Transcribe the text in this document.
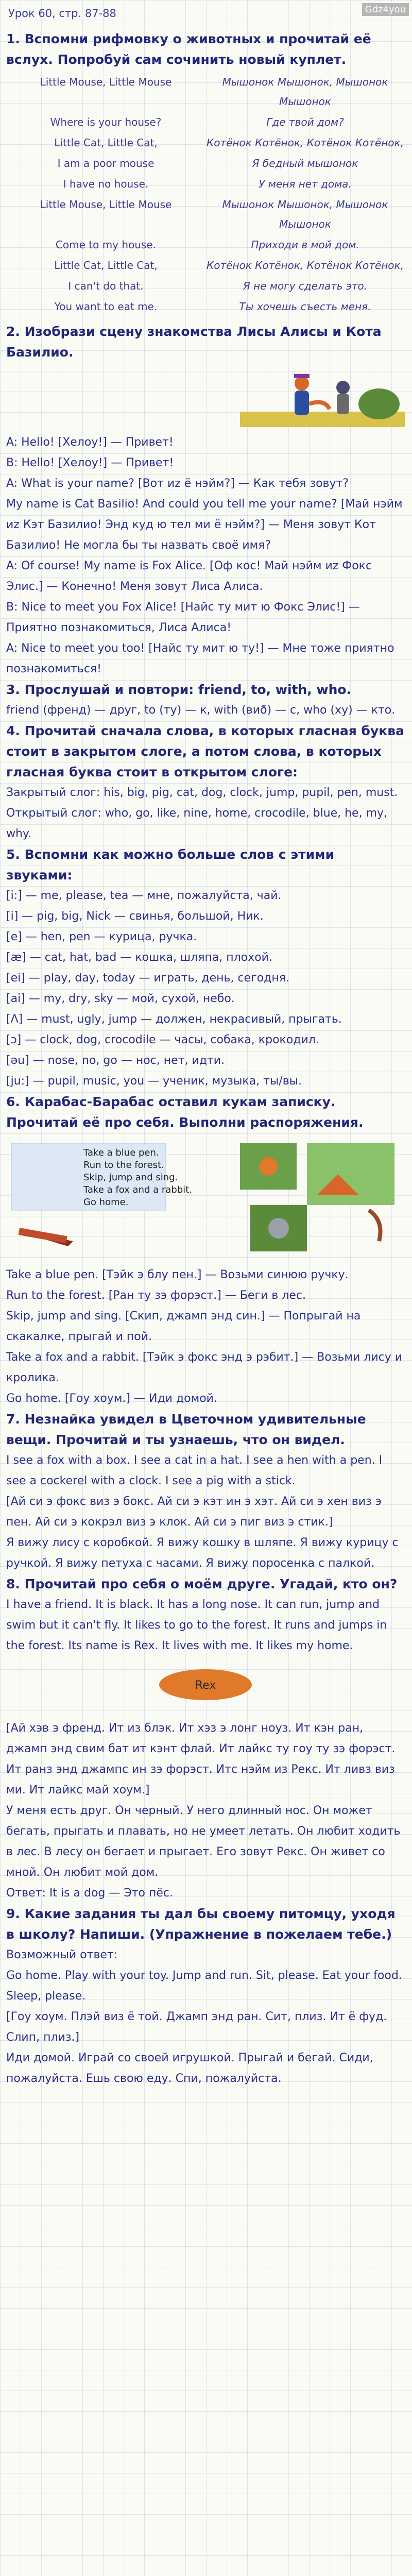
Gdz4you
Урок 60, стр. 87-88
1. Вспомни рифмовку о животных и прочитай её вслух. Попробуй сам сочинить новый куплет.
Little Mouse, Little Mouse	Мышонок Мышонок, Мышонок Мышонок
Where is your house?	Где твой дом?
Little Cat, Little Cat,	Котёнок Котёнок, Котёнок Котёнок,
I am a poor mouse	Я бедный мышонок
I have no house.	У меня нет дома.
Little Mouse, Little Mouse	Мышонок Мышонок, Мышонок Мышонок
Come to my house.	Приходи в мой дом.
Little Cat, Little Cat,	Котёнок Котёнок, Котёнок Котёнок,
I can't do that.	Я не могу сделать это.
You want to eat me.	Ты хочешь съесть меня.
2. Изобрази сцену знакомства Лисы Алисы и Кота Базилио.
A: Hello! [Хелоу!] — Привет!
B: Hello! [Хелоу!] — Привет!
A: What is your name? [Вот иz ё нэйм?] — Как тебя зовут?
My name is Cat Basilio! And could you tell me your name? [Май нэйм иz Кэт Базилио! Энд куд ю тел ми ё нэйм?] — Меня зовут Кот Базилио! Не могла бы ты назвать своё имя?
A: Of course! My name is Fox Alice. [Оф кос! Май нэйм иz Фокс Элис.] — Конечно! Меня зовут Лиса Алиса.
B: Nice to meet you Fox Alice! [Найс ту мит ю Фокс Элис!] — Приятно познакомиться, Лиса Алиса!
A: Nice to meet you too! [Найс ту мит ю ту!] — Мне тоже приятно познакомиться!
3. Прослушай и повтори: friend, to, with, who.
friend (френд) — друг, to (ту) — к, with (виð) — с, who (ху) — кто.
4. Прочитай сначала слова, в которых гласная буква стоит в закрытом слоге, а потом слова, в которых гласная буква стоит в открытом слоге:
Закрытый слог: his, big, pig, cat, dog, clock, jump, pupil, pen, must.
Открытый слог: who, go, like, nine, home, crocodile, blue, he, my, why.
5. Вспомни как можно больше слов с этими звуками:
[i:] — me, please, tea — мне, пожалуйста, чай.
[i] — pig, big, Nick — свинья, большой, Ник.
[e] — hen, pen — курица, ручка.
[æ] — cat, hat, bad — кошка, шляпа, плохой.
[ei] — play, day, today — играть, день, сегодня.
[ai] — my, dry, sky — мой, сухой, небо.
[Λ] — must, ugly, jump — должен, некрасивый, прыгать.
[ɔ] — clock, dog, crocodile — часы, собака, крокодил.
[əu] — nose, no, go — нос, нет, идти.
[ju:] — pupil, music, you — ученик, музыка, ты/вы.
6. Карабас-Барабас оставил кукам записку. Прочитай её про себя. Выполни распоряжения.
Take a blue pen.
Run to the forest.
Skip, jump and sing.
Take a fox and a rabbit.
Go home.
Take a blue pen. [Тэйк э блу пен.] — Возьми синюю ручку.
Run to the forest. [Ран ту зэ форэст.] — Беги в лес.
Skip, jump and sing. [Скип, джамп энд син.] — Попрыгай на скакалке, прыгай и пой.
Take a fox and a rabbit. [Тэйк э фокс энд э рэбит.] — Возьми лису и кролика.
Go home. [Гоу хоум.] — Иди домой.
7. Незнайка увидел в Цветочном удивительные вещи. Прочитай и ты узнаешь, что он видел.
I see a fox with a box. I see a cat in a hat. I see a hen with a pen. I see a cockerel with a clock. I see a pig with a stick.
[Ай си э фокс виз э бокс. Ай си э кэт ин э хэт. Ай си э хен виз э пен. Ай си э кокрэл виз э клок. Ай си э пиг виз э стик.]
Я вижу лису с коробкой. Я вижу кошку в шляпе. Я вижу курицу с ручкой. Я вижу петуха с часами. Я вижу поросенка с палкой.
8. Прочитай про себя о моём друге. Угадай, кто он?
I have a friend. It is black. It has a long nose. It can run, jump and swim but it can't fly. It likes to go to the forest. It runs and jumps in the forest. Its name is Rex. It lives with me. It likes my home.
Rex
[Ай хэв э френд. Ит из блэк. Ит хэз э лонг ноуз. Ит кэн ран, джамп энд свим бат ит кэнт флай. Ит лайкс ту гоу ту зэ форэст. Ит ранз энд джампс ин зэ форэст. Итс нэйм из Рекс. Ит ливз виз ми. Ит лайкс май хоум.]
У меня есть друг. Он черный. У него длинный нос. Он может бегать, прыгать и плавать, но не умеет летать. Он любит ходить в лес. В лесу он бегает и прыгает. Его зовут Рекс. Он живет со мной. Он любит мой дом.
Ответ: It is a dog — Это пёс.
9. Какие задания ты дал бы своему питомцу, уходя в школу? Напиши. (Упражнение в пожелаем тебе.)
Возможный ответ:
Go home. Play with your toy. Jump and run. Sit, please. Eat your food. Sleep, please.
[Гоу хоум. Плэй виз ё той. Джамп энд ран. Сит, плиз. Ит ё фуд. Слип, плиз.]
Иди домой. Играй со своей игрушкой. Прыгай и бегай. Сиди, пожалуйста. Ешь свою еду. Спи, пожалуйста.
